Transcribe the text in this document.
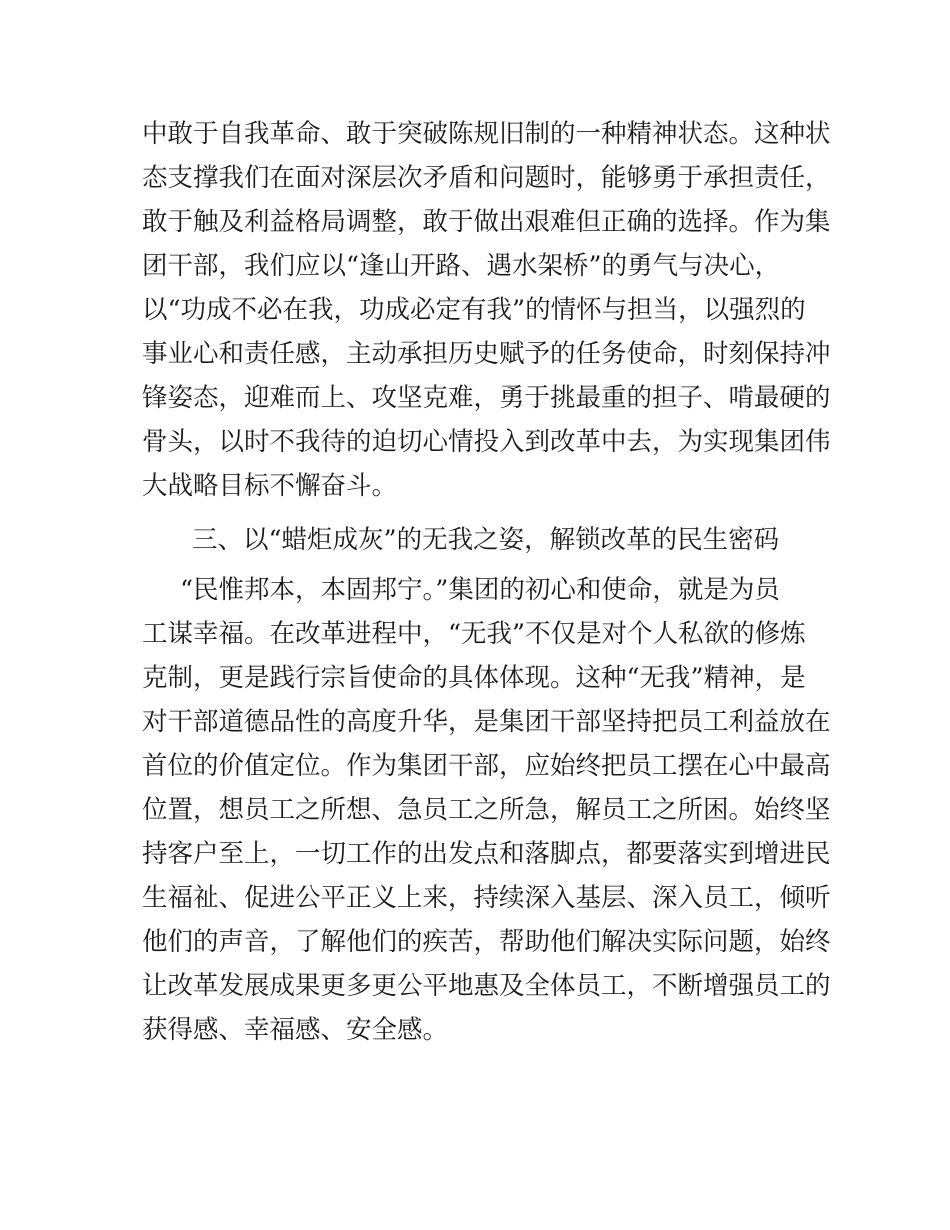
中敢于自我革命、敢于突破陈规旧制的一种精神状态。这种状
态支撑我们在面对深层次矛盾和问题时，能够勇于承担责任，
敢于触及利益格局调整，敢于做出艰难但正确的选择。作为集
团干部，我们应以“逢山开路、遇水架桥”的勇气与决心，
以“功成不必在我，功成必定有我”的情怀与担当，以强烈的
事业心和责任感，主动承担历史赋予的任务使命，时刻保持冲
锋姿态，迎难而上、攻坚克难，勇于挑最重的担子、啃最硬的
骨头，以时不我待的迫切心情投入到改革中去，为实现集团伟
大战略目标不懈奋斗。
三、以“蜡炬成灰”的无我之姿，解锁改革的民生密码
“民惟邦本，本固邦宁。”集团的初心和使命，就是为员
工谋幸福。在改革进程中，“无我”不仅是对个人私欲的修炼
克制，更是践行宗旨使命的具体体现。这种“无我”精神，是
对干部道德品性的高度升华，是集团干部坚持把员工利益放在
首位的价值定位。作为集团干部，应始终把员工摆在心中最高
位置，想员工之所想、急员工之所急，解员工之所困。始终坚
持客户至上，一切工作的出发点和落脚点，都要落实到增进民
生福祉、促进公平正义上来，持续深入基层、深入员工，倾听
他们的声音，了解他们的疾苦，帮助他们解决实际问题，始终
让改革发展成果更多更公平地惠及全体员工，不断增强员工的
获得感、幸福感、安全感。
